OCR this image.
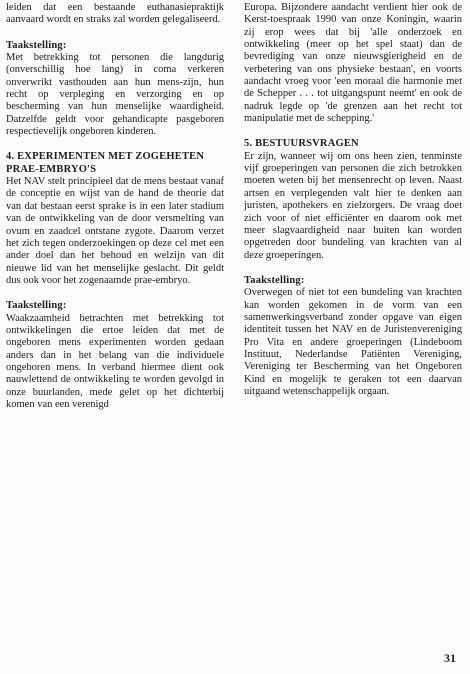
leiden dat een bestaande euthanasiepraktijk aanvaard wordt en straks zal worden gelegaliseerd.

Taakstelling:

Met betrekking tot personen die langdurig (onverschillig hoe lang) in coma verkeren onverwrikt vasthouden aan hun mens-zijn, hun recht op verpleging en verzorging en op bescherming van hun menselijke waardigheid. Datzelfde geldt voor gehandicapte pasgeboren respectievelijk ongeboren kinderen.

4. EXPERIMENTEN MET ZOGEHETEN PRAE-EMBRYO'S

Het NAV stelt principieel dat de mens bestaat vanaf de conceptie en wijst van de hand de theorie dat van dat bestaan eerst sprake is in een later stadium van de ontwikkeling van de door versmelting van ovum en zaadcel ontstane zygote. Daarom verzet het zich tegen onderzoekingen op deze cel met een ander doel dan het behoud en welzijn van dit nieuwe lid van het menselijke geslacht. Dit geldt dus ook voor het zogenaamde prae-embryo.

Taakstelling:

Waakzaamheid betrachten met betrekking tot ontwikkelingen die ertoe leiden dat met de ongeboren mens experimenten worden gedaan anders dan in het belang van die individuele ongeboren mens. In verband hiermee dient ook nauwlettend de ontwikkeling te worden gevolgd in onze buurlanden, mede gelet op het dichterbij komen van een verenigd

Europa. Bijzondere aandacht verdient hier ook de Kerst-toespraak 1990 van onze Koningin, waarin zij erop wees dat bij 'alle onderzoek en ontwikkeling (meer op het spel staat) dan de bevrediging van onze nieuwsgierigheid en de verbetering van ons physieke bestaan', en voorts aandacht vroeg voor 'een moraal die harmonie met de Schepper . . . tot uitgangspunt neemt' en ook de nadruk legde op 'de grenzen aan het recht tot manipulatie met de schepping.'

5. BESTUURSVRAGEN

Er zijn, wanneer wij om ons heen zien, tenminste vijf groeperingen van personen die zich betrokken moeten weten bij het mensenrecht op leven. Naast artsen en verplegenden valt hier te denken aan juristen, apothekers en zielzorgers. De vraag doet zich voor of niet efficiënter en daarom ook met meer slagvaardigheid naar buiten kan worden opgetreden door bundeling van krachten van al deze groeperingen.

Taakstelling:

Overwegen of niet tot een bundeling van krachten kan worden gekomen in de vorm van een samenwerkingsverband zonder opgave van eigen identiteit tussen het NAV en de Juristenvereniging Pro Vita en andere groeperingen (Lindeboom Instituut, Nederlandse Patiënten Vereniging, Vereniging ter Bescherming van het Ongeboren Kind en mogelijk te geraken tot een daarvan uitgaand wetenschappelijk orgaan.

31
